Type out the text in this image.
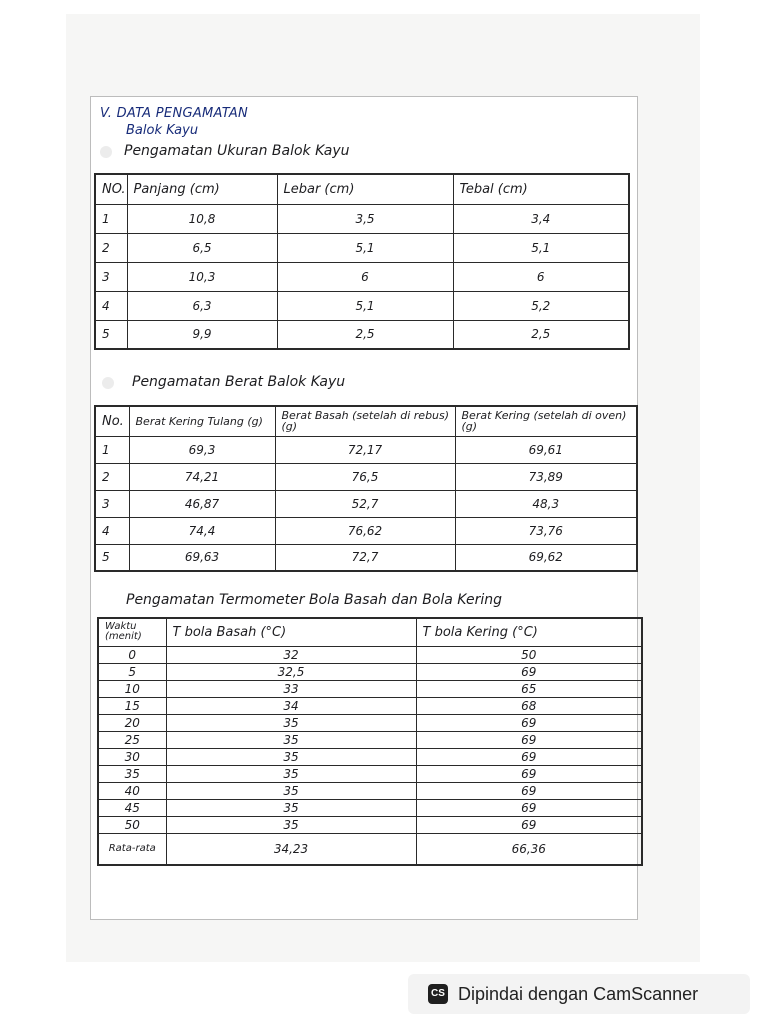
V. DATA PENGAMATAN
Balok Kayu
Pengamatan Ukuran Balok Kayu
NO.	Panjang (cm)	Lebar (cm)	Tebal (cm)
1	10,8	3,5	3,4
2	6,5	5,1	5,1
3	10,3	6	6
4	6,3	5,1	5,2
5	9,9	2,5	2,5
Pengamatan Berat Balok Kayu
No.	Berat Kering Tulang (g)	Berat Basah (setelah di rebus) (g)	Berat Kering (setelah di oven) (g)
1	69,3	72,17	69,61
2	74,21	76,5	73,89
3	46,87	52,7	48,3
4	74,4	76,62	73,76
5	69,63	72,7	69,62
Pengamatan Termometer Bola Basah dan Bola Kering
Waktu (menit)	T bola Basah (°C)	T bola Kering (°C)
0	32	50
5	32,5	69
10	33	65
15	34	68
20	35	69
25	35	69
30	35	69
35	35	69
40	35	69
45	35	69
50	35	69
Rata-rata	34,23	66,36
CS Dipindai dengan CamScanner
